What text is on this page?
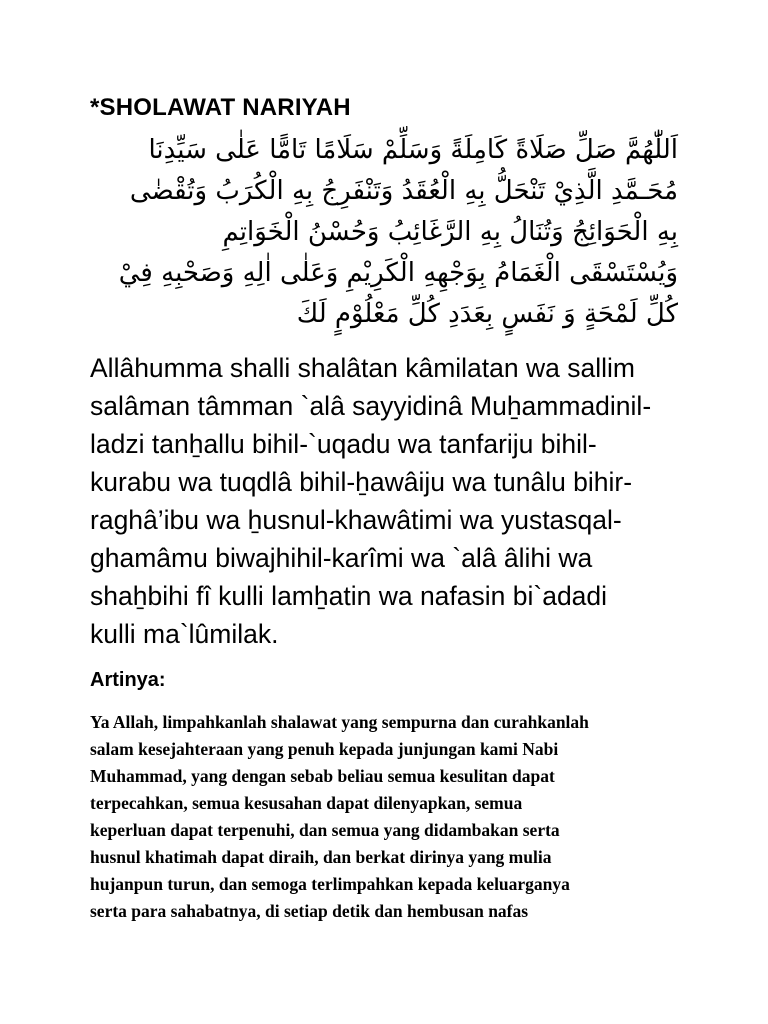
*SHOLAWAT NARIYAH
اَللّٰهُمَّ صَلِّ صَلَاةً كَامِلَةً وَسَلِّمْ سَلَامًا تَامًّا عَلٰى سَيِّدِنَا
مُحَـمَّدِ الَّذِيْ تَنْحَلُّ بِهِ الْعُقَدُ وَتَنْفَرِجُ بِهِ الْكُرَبُ وَتُقْضٰى
بِهِ الْحَوَائِجُ وَتُنَالُ بِهِ الرَّغَائِبُ وَحُسْنُ الْخَوَاتِمِ
وَيُسْتَسْقَى الْغَمَامُ بِوَجْهِهِ الْكَرِيْمِ وَعَلٰى اٰلِهِ وَصَحْبِهِ فِيْ
كُلِّ لَمْحَةٍ وَ نَفَسٍ بِعَدَدِ كُلِّ مَعْلُوْمٍ لَكَ
Allâhumma shalli shalâtan kâmilatan wa sallim
salâman tâmman `alâ sayyidinâ Muẖammadinil-
ladzi tanẖallu bihil-`uqadu wa tanfariju bihil-
kurabu wa tuqdlâ bihil-ẖawâiju wa tunâlu bihir-
raghâ’ibu wa ẖusnul-khawâtimi wa yustasqal-
ghamâmu biwajhihil-karîmi wa `alâ âlihi wa
shaẖbihi fî kulli lamẖatin wa nafasin bi`adadi
kulli ma`lûmilak.
Artinya:
Ya Allah, limpahkanlah shalawat yang sempurna dan curahkanlah
salam kesejahteraan yang penuh kepada junjungan kami Nabi
Muhammad, yang dengan sebab beliau semua kesulitan dapat
terpecahkan, semua kesusahan dapat dilenyapkan, semua
keperluan dapat terpenuhi, dan semua yang didambakan serta
husnul khatimah dapat diraih, dan berkat dirinya yang mulia
hujanpun turun, dan semoga terlimpahkan kepada keluarganya
serta para sahabatnya, di setiap detik dan hembusan nafas
